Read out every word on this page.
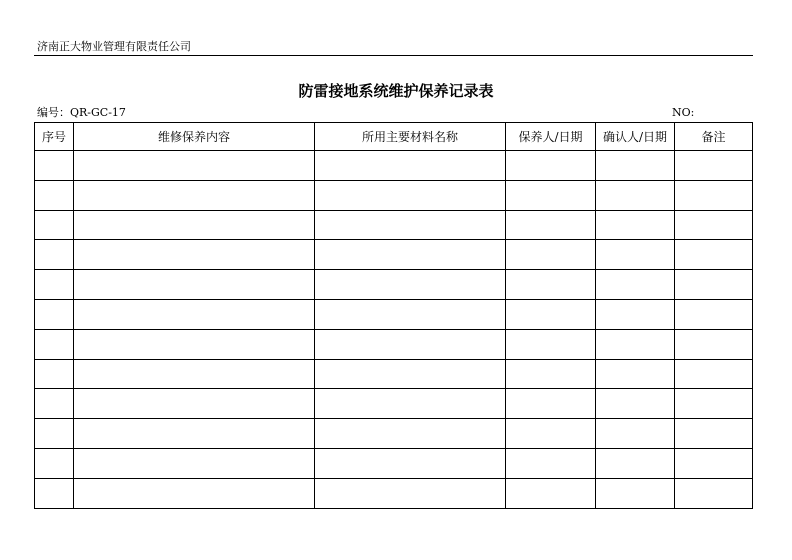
济南正大物业管理有限责任公司
防雷接地系统维护保养记录表
编号：QR-GC-17	NO:
序号	维修保养内容	所用主要材料名称	保养人/日期	确认人/日期	备注
